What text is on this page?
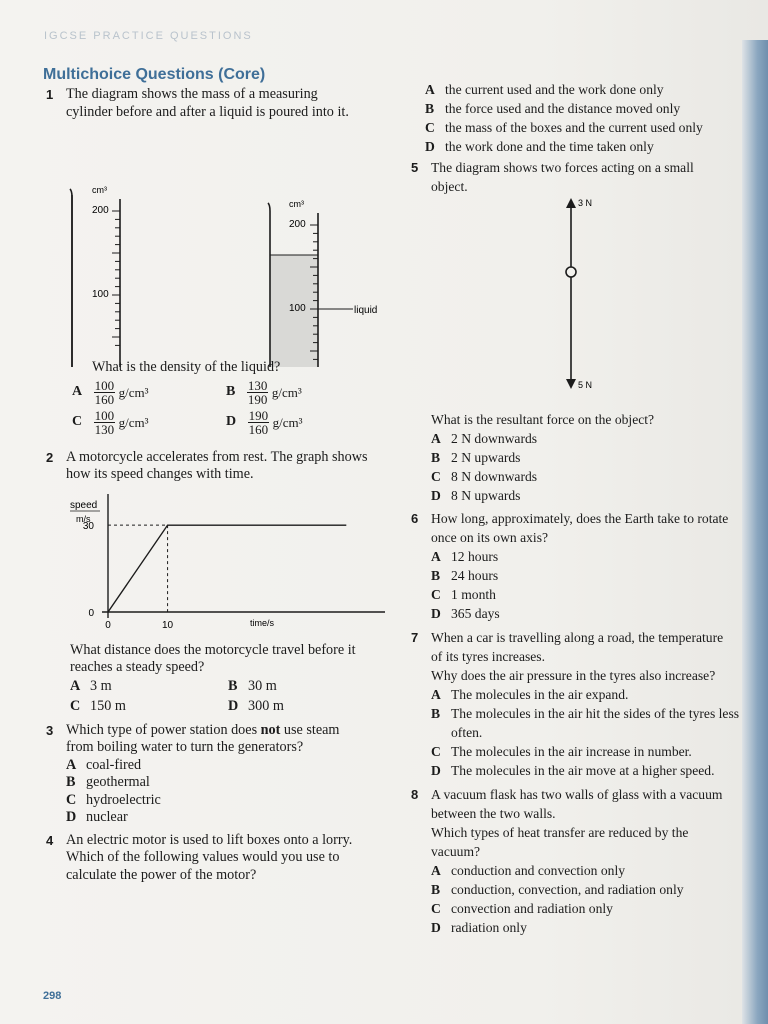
IGCSE PRACTICE QUESTIONS
Multichoice Questions (Core)
1 The diagram shows the mass of a measuring cylinder before and after a liquid is poured into it.
cm³
200
100
cm³
200
100	liquid
What is the density of the liquid?
A $\frac{100}{160} g/cm^3$	B $\frac{130}{190} g/cm^3$
C $\frac{100}{130} g/cm^3$	D $\frac{190}{160} g/cm^3$
2 A motorcycle accelerates from rest. The graph shows how its speed changes with time.
speed
m/s
time/s
0
30
0	10
What distance does the motorcycle travel before it reaches a steady speed?
A 3 m	B 30 m
C 150 m	D 300 m
3 Which type of power station does not use steam from boiling water to turn the generators?
A coal-fired
B geothermal
C hydroelectric
D nuclear
4 An electric motor is used to lift boxes onto a lorry. Which of the following values would you use to calculate the power of the motor?
A the current used and the work done only
B the force used and the distance moved only
C the mass of the boxes and the current used only
D the work done and the time taken only
5 The diagram shows two forces acting on a small object.
3 N
5 N
What is the resultant force on the object?
A 2 N downwards
B 2 N upwards
C 8 N downwards
D 8 N upwards
6 How long, approximately, does the Earth take to rotate once on its own axis?
A 12 hours
B 24 hours
C 1 month
D 365 days
7 When a car is travelling along a road, the temperature of its tyres increases.
Why does the air pressure in the tyres also increase?
A The molecules in the air expand.
B The molecules in the air hit the sides of the tyres less often.
C The molecules in the air increase in number.
D The molecules in the air move at a higher speed.
8 A vacuum flask has two walls of glass with a vacuum between the two walls.
Which types of heat transfer are reduced by the vacuum?
A conduction and convection only
B conduction, convection, and radiation only
C convection and radiation only
D radiation only
298
